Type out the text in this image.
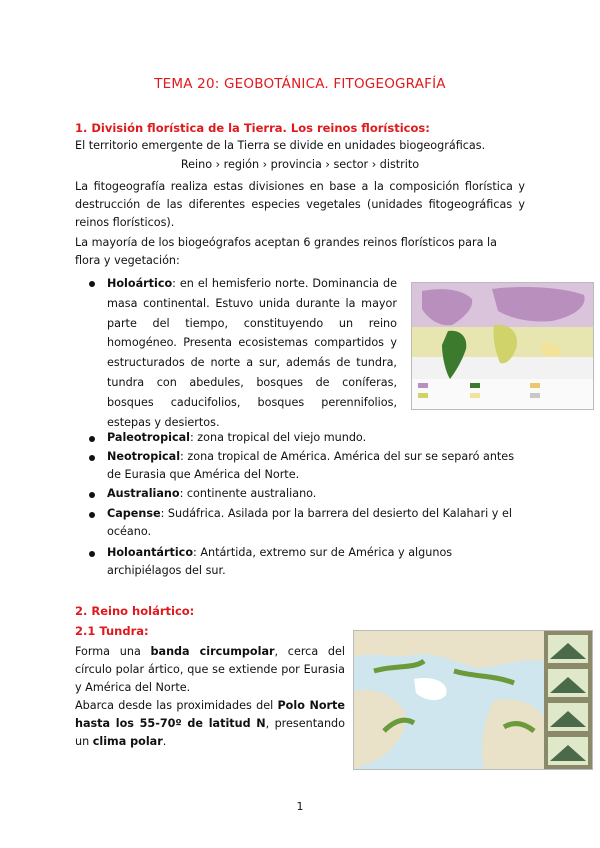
TEMA 20: GEOBOTÁNICA. FITOGEOGRAFÍA
1. División florística de la Tierra. Los reinos florísticos:
El territorio emergente de la Tierra se divide en unidades biogeográficas.
Reino › región › provincia › sector › distrito
La fitogeografía realiza estas divisiones en base a la composición florística y destrucción de las diferentes especies vegetales (unidades fitogeográficas y reinos florísticos).
La mayoría de los biogeógrafos aceptan 6 grandes reinos florísticos para la flora y vegetación:
Holoártico: en el hemisferio norte. Dominancia de masa continental. Estuvo unida durante la mayor parte del tiempo, constituyendo un reino homogéneo. Presenta ecosistemas compartidos y estructurados de norte a sur, además de tundra, tundra con abedules, bosques de coníferas, bosques caducifolios, bosques perennifolios, estepas y desiertos.
Paleotropical: zona tropical del viejo mundo.
Neotropical: zona tropical de América. América del sur se separó antes de Eurasia que América del Norte.
Australiano: continente australiano.
Capense: Sudáfrica. Asilada por la barrera del desierto del Kalahari y el océano.
Holoantártico: Antártida, extremo sur de América y algunos archipiélagos del sur.
2. Reino holártico:
2.1 Tundra:
Forma una banda circumpolar, cerca del círculo polar ártico, que se extiende por Eurasia y América del Norte.
Abarca desde las proximidades del Polo Norte hasta los 55-70º de latitud N, presentando un clima polar.
1
